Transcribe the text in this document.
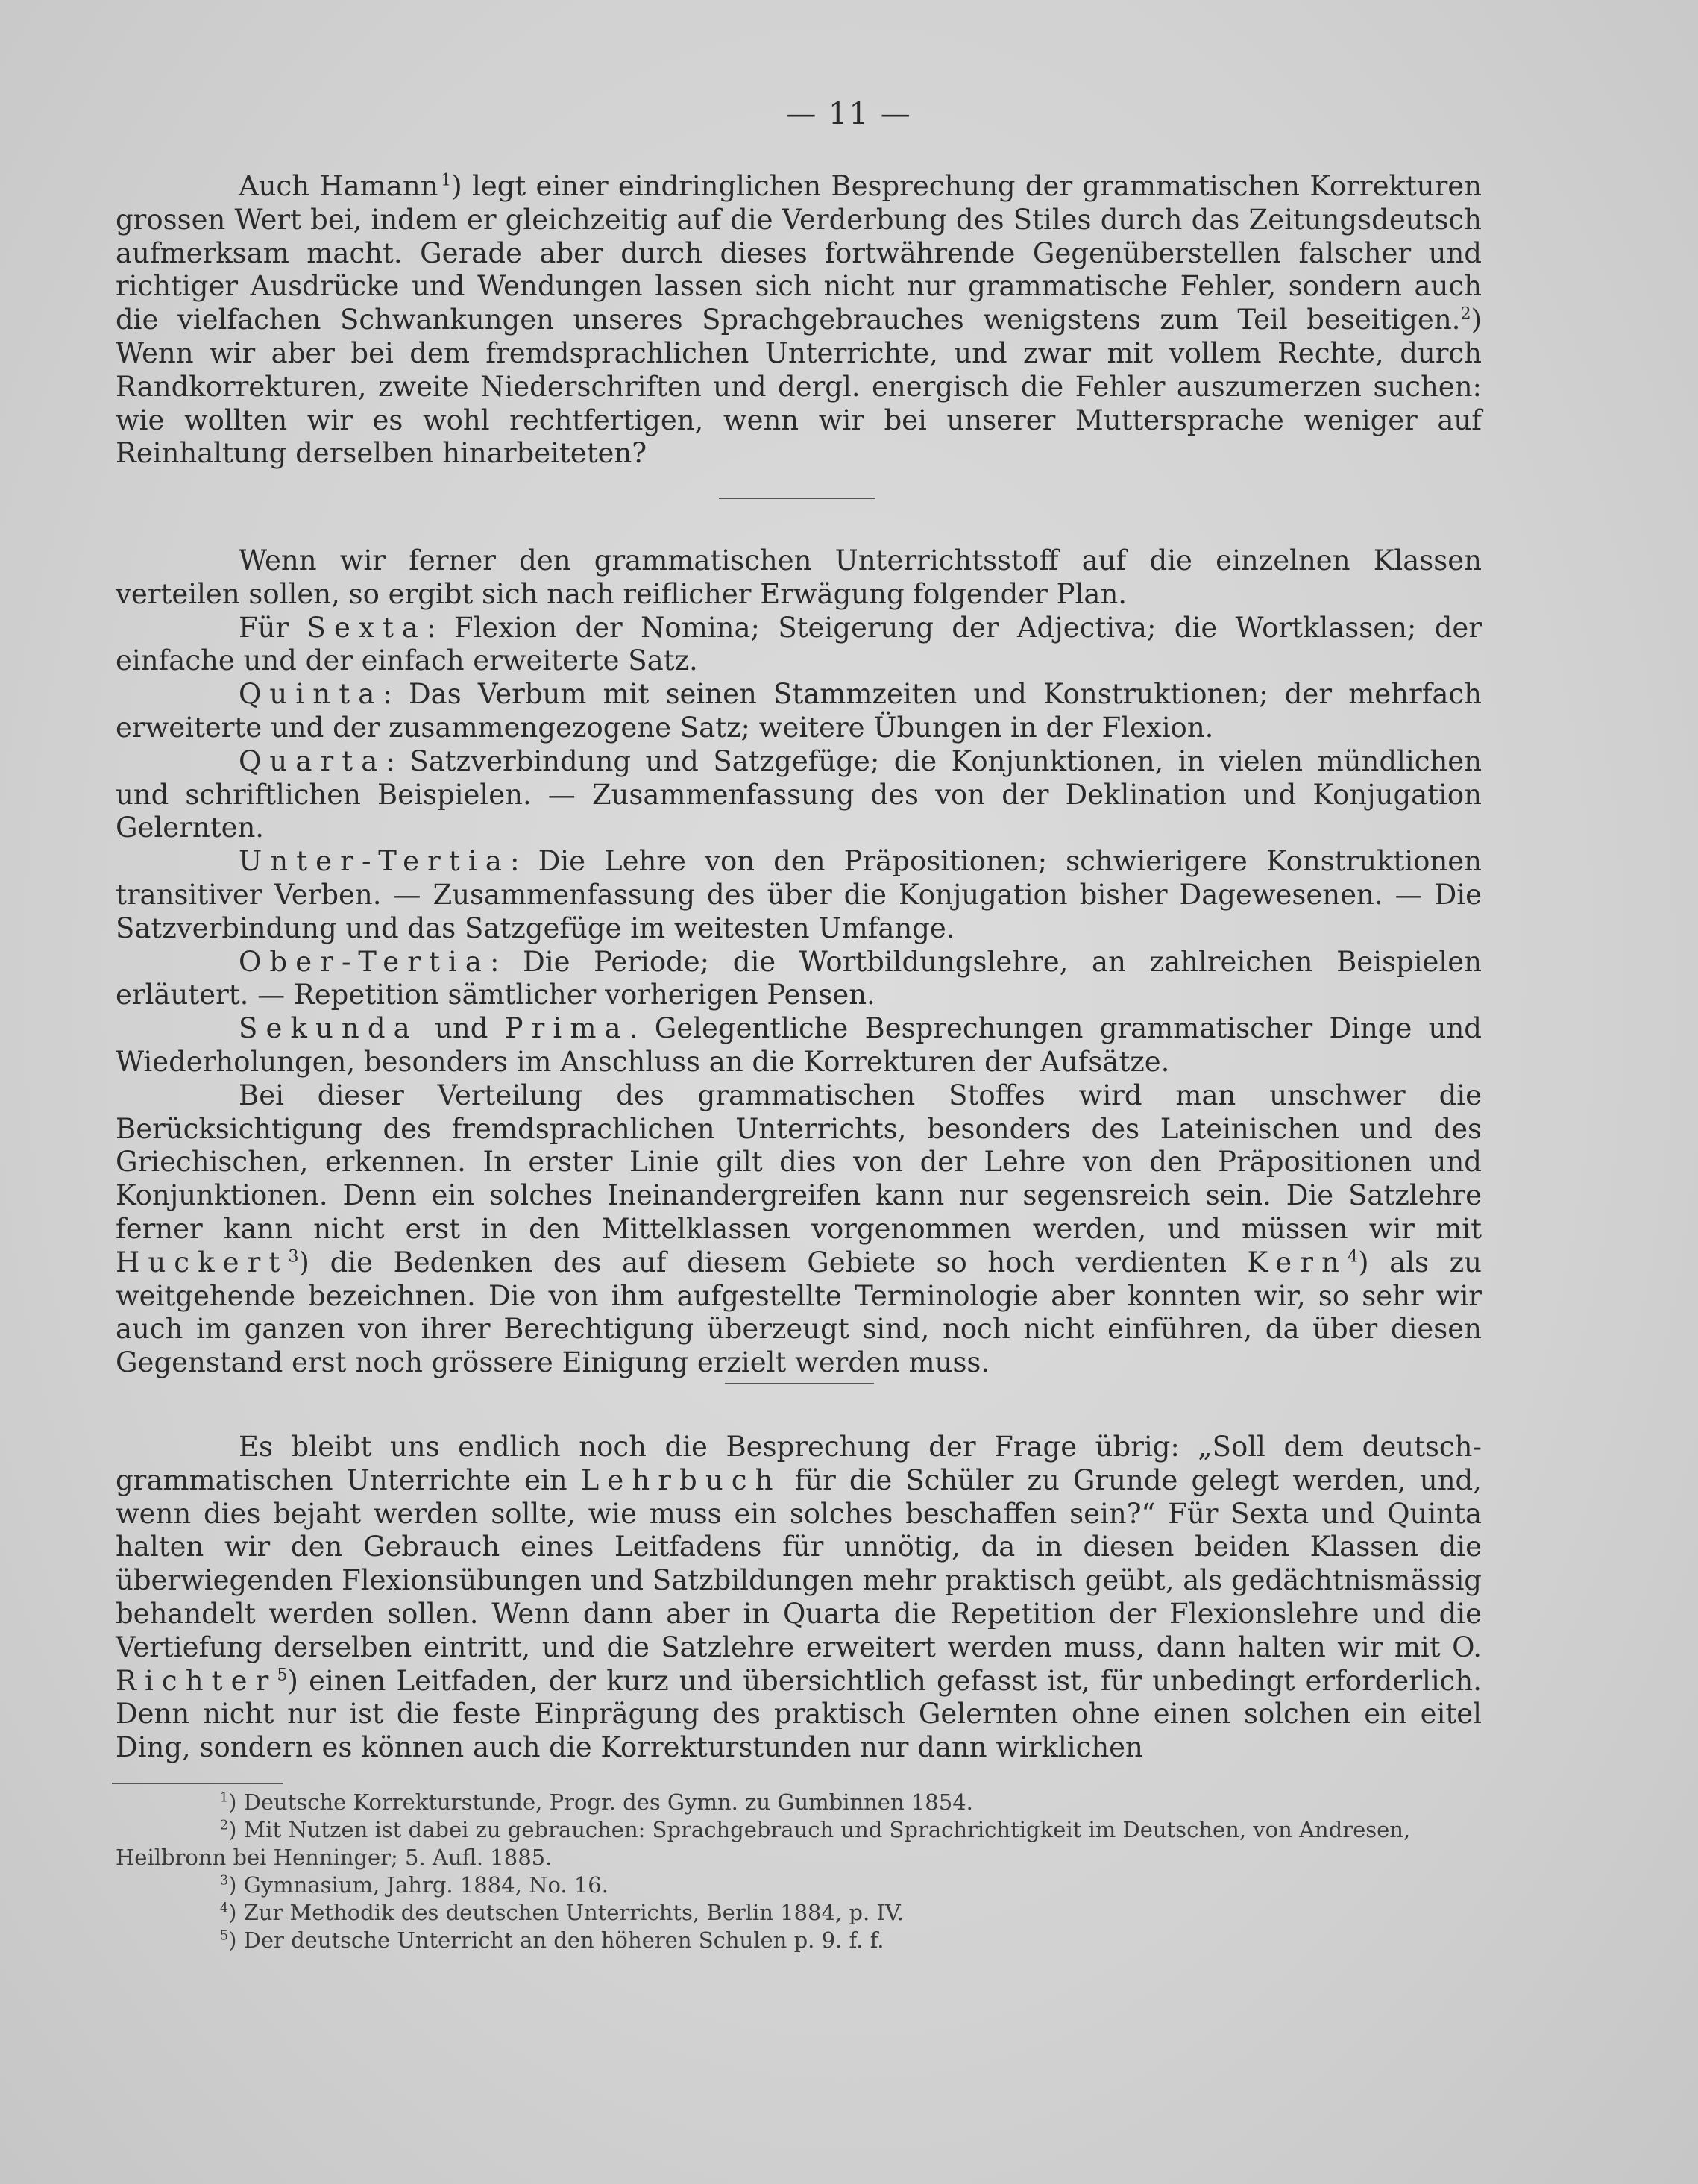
— 11 —

Auch Hamann  $^1$) legt einer eindringlichen Besprechung der grammatischen Korrekturen grossen Wert bei, indem er gleichzeitig auf die Verderbung des Stiles durch das Zeitungsdeutsch aufmerksam macht. Gerade aber durch dieses fortwährende Gegenüberstellen falscher und richtiger Ausdrücke und Wendungen lassen sich nicht nur grammatische Fehler, sondern auch die vielfachen Schwankungen unseres Sprachgebrauches wenigstens zum Teil beseitigen.$^2$) Wenn wir aber bei dem fremdsprachlichen Unterrichte, und zwar mit vollem Rechte, durch Randkorrekturen, zweite Niederschriften und dergl. energisch die Fehler auszumerzen suchen: wie wollten wir es wohl rechtfertigen, wenn wir bei unserer Muttersprache weniger auf Reinhaltung derselben hinarbeiteten?

Wenn wir ferner den grammatischen Unterrichtsstoff auf die einzelnen Klassen verteilen sollen, so ergibt sich nach reiflicher Erwägung folgender Plan.

Für Sexta: Flexion der Nomina; Steigerung der Adjectiva; die Wortklassen; der einfache und der einfach erweiterte Satz.

Quinta: Das Verbum mit seinen Stammzeiten und Konstruktionen; der mehrfach erweiterte und der zusammengezogene Satz; weitere Übungen in der Flexion.

Quarta: Satzverbindung und Satzgefüge; die Konjunktionen, in vielen mündlichen und schriftlichen Beispielen. — Zusammenfassung des von der Deklination und Konjugation Gelernten.

Unter-Tertia: Die Lehre von den Präpositionen; schwierigere Konstruktionen transitiver Verben. — Zusammenfassung des über die Konjugation bisher Dagewesenen. — Die Satzverbindung und das Satzgefüge im weitesten Umfange.

Ober-Tertia: Die Periode; die Wortbildungslehre, an zahlreichen Beispielen erläutert. — Repetition sämtlicher vorherigen Pensen.

Sekunda und Prima. Gelegentliche Besprechungen grammatischer Dinge und Wiederholungen, besonders im Anschluss an die Korrekturen der Aufsätze.

Bei dieser Verteilung des grammatischen Stoffes wird man unschwer die Berücksichtigung des fremdsprachlichen Unterrichts, besonders des Lateinischen und des Griechischen, erkennen. In erster Linie gilt dies von der Lehre von den Präpositionen und Konjunktionen. Denn ein solches Ineinandergreifen kann nur segensreich sein. Die Satzlehre ferner kann nicht erst in den Mittelklassen vorgenommen werden, und müssen wir mit Huckert$^3$) die Bedenken des auf diesem Gebiete so hoch verdienten Kern$^4$) als zu weitgehende bezeichnen. Die von ihm aufgestellte Terminologie aber konnten wir, so sehr wir auch im ganzen von ihrer Berechtigung überzeugt sind, noch nicht einführen, da über diesen Gegenstand erst noch grössere Einigung erzielt werden muss.

Es bleibt uns endlich noch die Besprechung der Frage übrig: „Soll dem deutsch-grammatischen Unterrichte ein Lehrbuch für die Schüler zu Grunde gelegt werden, und, wenn dies bejaht werden sollte, wie muss ein solches beschaffen sein?“ Für Sexta und Quinta halten wir den Gebrauch eines Leitfadens für unnötig, da in diesen beiden Klassen die überwiegenden Flexionsübungen und Satzbildungen mehr praktisch geübt, als gedächtnismässig behandelt werden sollen. Wenn dann aber in Quarta die Repetition der Flexionslehre und die Vertiefung derselben eintritt, und die Satzlehre erweitert werden muss, dann halten wir mit O. Richter$^5$) einen Leitfaden, der kurz und übersichtlich gefasst ist, für unbedingt erforderlich. Denn nicht nur ist die feste Einprägung des praktisch Gelernten ohne einen solchen ein eitel Ding, sondern es können auch die Korrekturstunden nur dann wirklichen

$^1$) Deutsche Korrekturstunde, Progr. des Gymn. zu Gumbinnen 1854.

$^2$) Mit Nutzen ist dabei zu gebrauchen: Sprachgebrauch und Sprachrichtigkeit im Deutschen, von Andresen, Heilbronn bei Henninger; 5. Aufl. 1885.

$^3$) Gymnasium, Jahrg. 1884, No. 16.

$^4$) Zur Methodik des deutschen Unterrichts, Berlin 1884, p. IV.

$^5$) Der deutsche Unterricht an den höheren Schulen p. 9. f. f.
